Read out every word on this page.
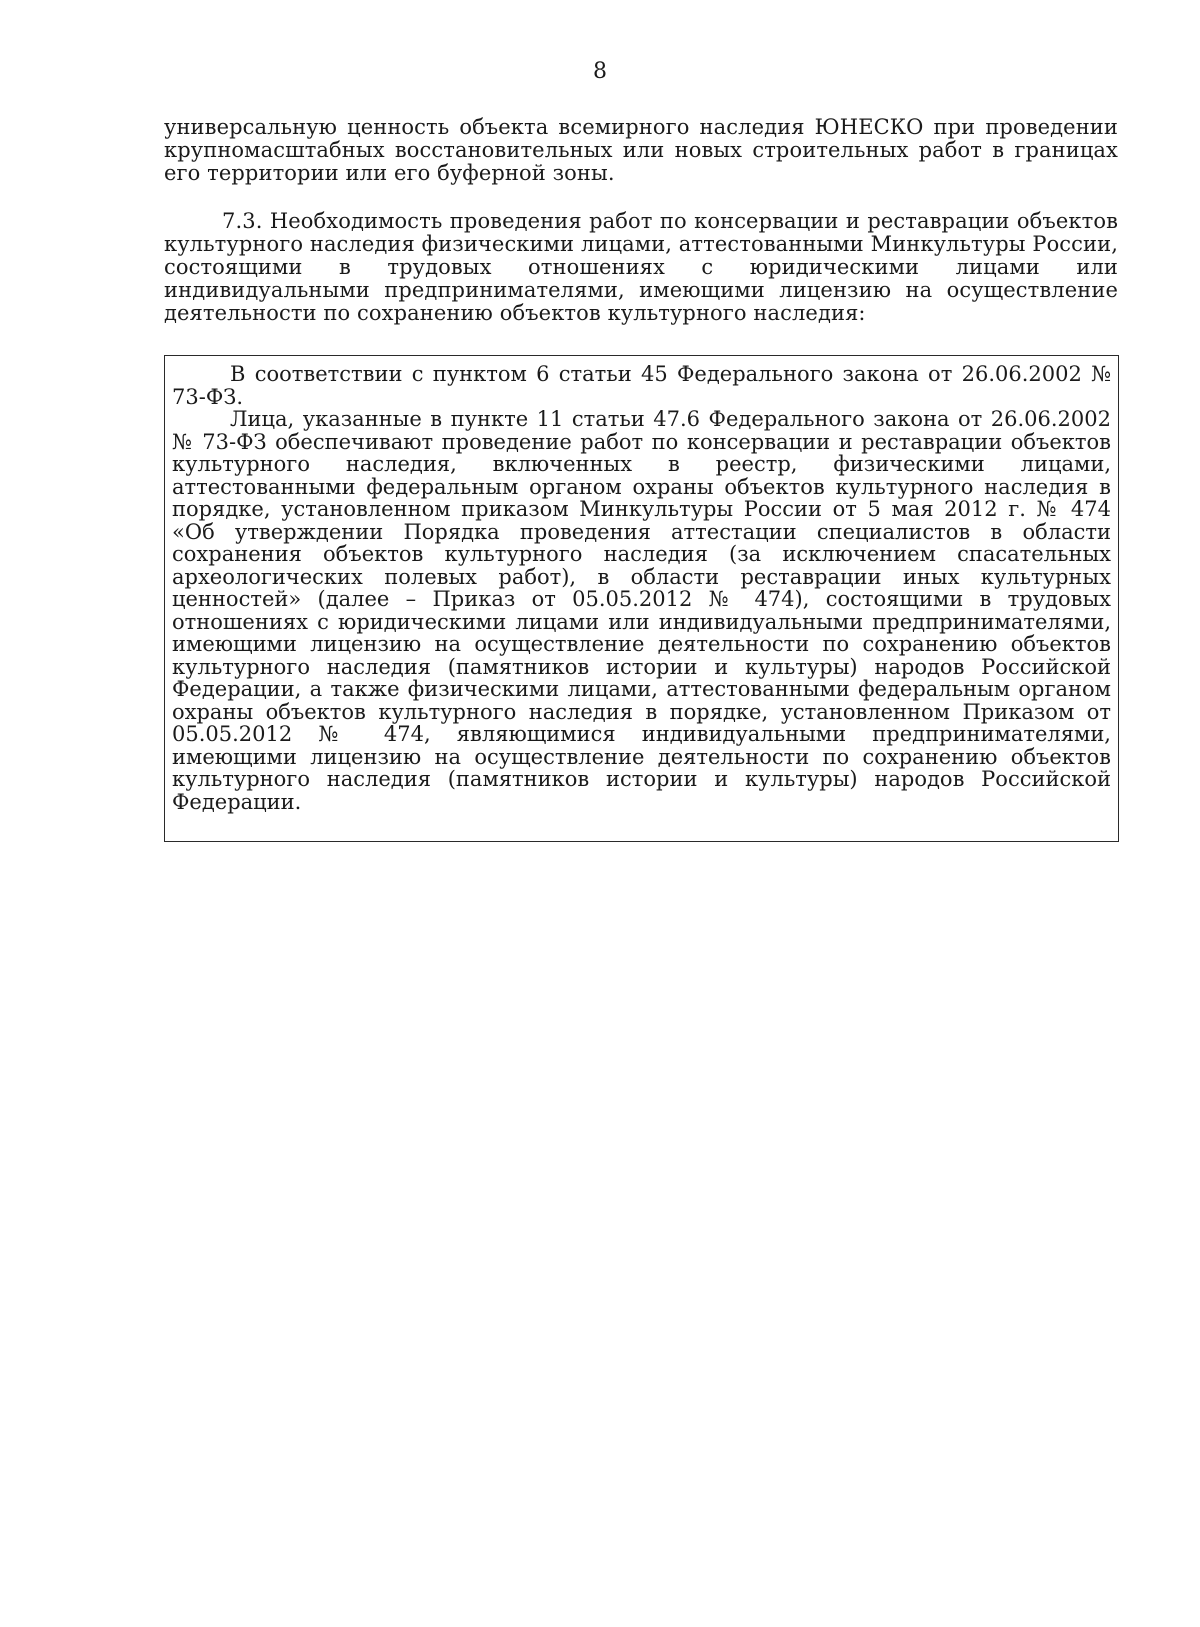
8
универсальную ценность объекта всемирного наследия ЮНЕСКО при проведении крупномасштабных восстановительных или новых строительных работ в границах его территории или его буферной зоны.
7.3. Необходимость проведения работ по консервации и реставрации объектов культурного наследия физическими лицами, аттестованными Минкультуры России, состоящими в трудовых отношениях с юридическими лицами или индивидуальными предпринимателями, имеющими лицензию на осуществление деятельности по сохранению объектов культурного наследия:

В соответствии с пунктом 6 статьи 45 Федерального закона от 26.06.2002 № 73-ФЗ.

Лица, указанные в пункте 11 статьи 47.6 Федерального закона от 26.06.2002 № 73-ФЗ обеспечивают проведение работ по консервации и реставрации объектов культурного наследия, включенных в реестр, физическими лицами, аттестованными федеральным органом охраны объектов культурного наследия в порядке, установленном приказом Минкультуры России от 5 мая 2012 г. № 474 «Об утверждении Порядка проведения аттестации специалистов в области сохранения объектов культурного наследия (за исключением спасательных археологических полевых работ), в области реставрации иных культурных ценностей» (далее – Приказ от 05.05.2012 № 474), состоящими в трудовых отношениях с юридическими лицами или индивидуальными предпринимателями, имеющими лицензию на осуществление деятельности по сохранению объектов культурного наследия (памятников истории и культуры) народов Российской Федерации, а также физическими лицами, аттестованными федеральным органом охраны объектов культурного наследия в порядке, установленном Приказом от 05.05.2012 № 474, являющимися индивидуальными предпринимателями, имеющими лицензию на осуществление деятельности по сохранению объектов культурного наследия (памятников истории и культуры) народов Российской Федерации.
